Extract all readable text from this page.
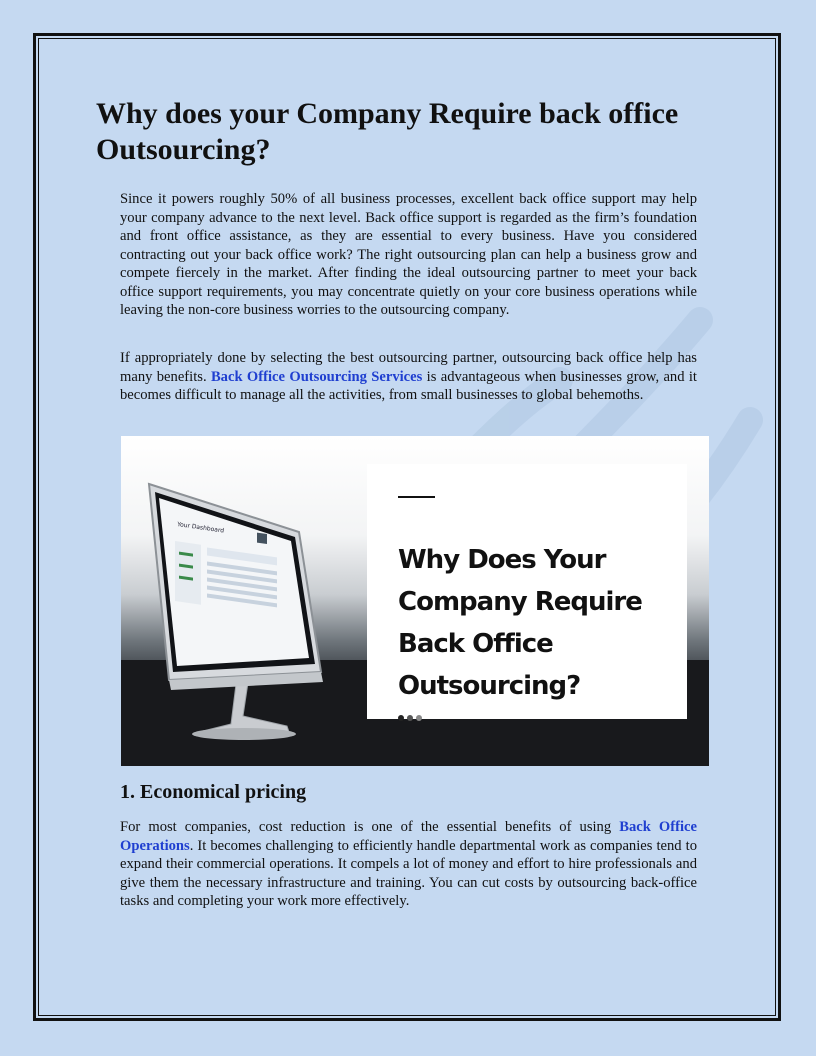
Why does your Company Require back office Outsourcing?

Since it powers roughly 50% of all business processes, excellent back office support may help your company advance to the next level. Back office support is regarded as the firm’s foundation and front office assistance, as they are essential to every business. Have you considered contracting out your back office work? The right outsourcing plan can help a business grow and compete fiercely in the market. After finding the ideal outsourcing partner to meet your back office support requirements, you may concentrate quietly on your core business operations while leaving the non-core business worries to the outsourcing company.

If appropriately done by selecting the best outsourcing partner, outsourcing back office help has many benefits. Back Office Outsourcing Services is advantageous when businesses grow, and it becomes difficult to manage all the activities, from small businesses to global behemoths.

Your Dashboard
Why Does Your
Company Require
Back Office
Outsourcing?
1. Economical pricing

For most companies, cost reduction is one of the essential benefits of using Back Office Operations. It becomes challenging to efficiently handle departmental work as companies tend to expand their commercial operations. It compels a lot of money and effort to hire professionals and give them the necessary infrastructure and training. You can cut costs by outsourcing back-office tasks and completing your work more effectively.
